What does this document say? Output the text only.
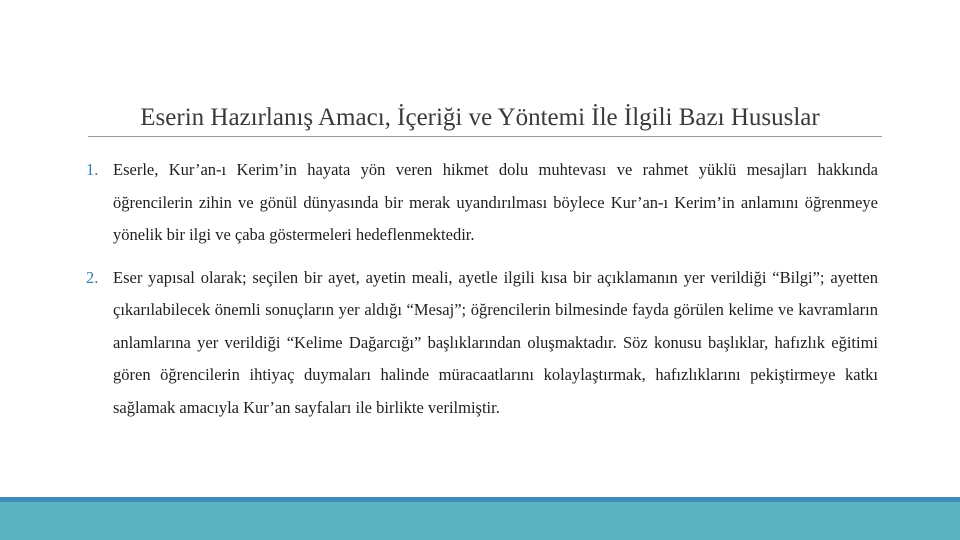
Eserin Hazırlanış Amacı, İçeriği ve Yöntemi İle İlgili Bazı Hususlar
1. Eserle, Kur’an-ı Kerim’in hayata yön veren hikmet dolu muhtevası ve rahmet yüklü mesajları hakkında öğrencilerin zihin ve gönül dünyasında bir merak uyandırılması böylece Kur’an-ı Kerim’in anlamını öğrenmeye yönelik bir ilgi ve çaba göstermeleri hedeflenmektedir.
2. Eser yapısal olarak; seçilen bir ayet, ayetin meali, ayetle ilgili kısa bir açıklamanın yer verildiği “Bilgi”; ayetten çıkarılabilecek önemli sonuçların yer aldığı “Mesaj”; öğrencilerin bilmesinde fayda görülen kelime ve kavramların anlamlarına yer verildiği “Kelime Dağarcığı” başlıklarından oluşmaktadır. Söz konusu başlıklar, hafızlık eğitimi gören öğrencilerin ihtiyaç duymaları halinde müracaatlarını kolaylaştırmak, hafızlıklarını pekiştirmeye katkı sağlamak amacıyla Kur’an sayfaları ile birlikte verilmiştir.
